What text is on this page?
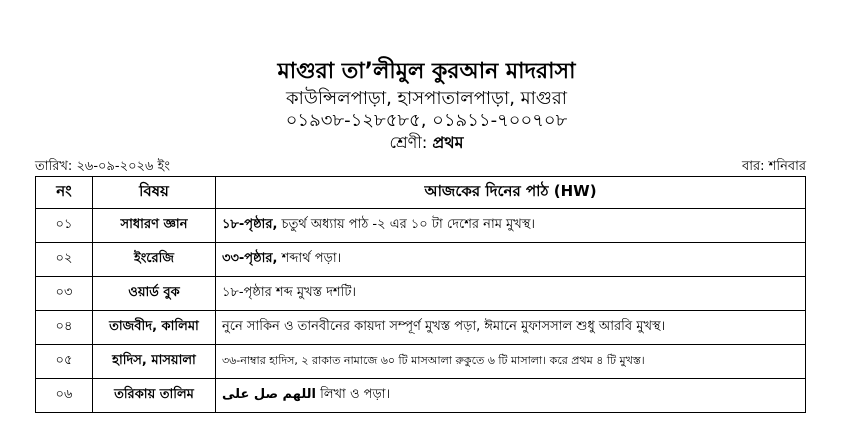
মাগুরা তা’লীমুল কুরআন মাদরাসা
কাউন্সিলপাড়া, হাসপাতালপাড়া, মাগুরা
০১৯৩৮-১২৮৫৮৫, ০১৯১১-৭০০৭০৮
শ্রেণী: প্রথম
তারিখ: ২৬-০৯-২০২৬ ইং	বার: শনিবার
নং	বিষয়	আজকের দিনের পাঠ (HW)
০১	সাধারণ জ্ঞান	১৮-পৃষ্ঠার, চতুর্থ অধ্যায় পাঠ -২ এর ১০ টা দেশের নাম মুখস্থ।
০২	ইংরেজি	৩৩-পৃষ্ঠার, শব্দার্থ পড়া।
০৩	ওয়ার্ড বুক	১৮-পৃষ্ঠার শব্দ মুখস্ত দশটি।
০৪	তাজবীদ, কালিমা	নুনে সাকিন ও তানবীনের কায়দা সম্পূর্ণ মুখস্ত পড়া, ঈমানে মুফাসসাল শুধু আরবি মুখস্থ।
০৫	হাদিস, মাসয়ালা	৩৬-নাম্বার হাদিস, ২ রাকাত নামাজে ৬০ টি মাসআলা রুকুতে ৬ টি মাসালা। করে প্রথম ৪ টি মুখস্ত।
০৬	তরিকায় তালিম	اللهم صل على লিখা ও পড়া।
